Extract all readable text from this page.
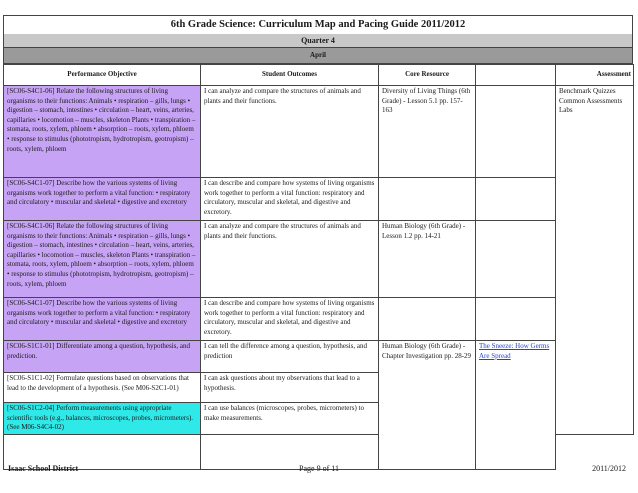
6th Grade Science: Curriculum Map and Pacing Guide 2011/2012
Quarter 4
April
Performance Objective	Student Outcomes	Core Resource		Assessment
[SC06-S4C1-06] Relate the following structures of living organisms to their functions: Animals • respiration – gills, lungs • digestion – stomach, intestines • circulation – heart, veins, arteries, capillaries • locomotion – muscles, skeleton Plants • transpiration – stomata, roots, xylem, phloem • absorption – roots, xylem, phloem • response to stimulus (phototropism, hydrotropism, geotropism) – roots, xylem, phloem	I can analyze and compare the structures of animals and plants and their functions.	Diversity of Living Things (6th Grade) - Lesson 5.1 pp. 157-163		Benchmark Quizzes Common Assessments Labs
[SC06-S4C1-07] Describe how the various systems of living organisms work together to perform a vital function: • respiratory and circulatory • muscular and skeletal • digestive and excretory	I can describe and compare how systems of living organisms work together to perform a vital function: respiratory and circulatory, muscular and skeletal, and digestive and excretory.			
[SC06-S4C1-06] Relate the following structures of living organisms to their functions: Animals • respiration – gills, lungs • digestion – stomach, intestines • circulation – heart, veins, arteries, capillaries • locomotion – muscles, skeleton Plants • transpiration – stomata, roots, xylem, phloem • absorption – roots, xylem, phloem • response to stimulus (phototropism, hydrotropism, geotropism) – roots, xylem, phloem	I can analyze and compare the structures of animals and plants and their functions.	Human Biology (6th Grade) - Lesson 1.2 pp. 14-21		
[SC06-S4C1-07] Describe how the various systems of living organisms work together to perform a vital function: • respiratory and circulatory • muscular and skeletal • digestive and excretory	I can describe and compare how systems of living organisms work together to perform a vital function: respiratory and circulatory, muscular and skeletal, and digestive and excretory.			
[SC06-S1C1-01] Differentiate among a question, hypothesis, and prediction.	I can tell the difference among a question, hypothesis, and prediction	Human Biology (6th Grade) - Chapter Investigation pp. 28-29	The Sneeze: How Germs Are Spread	
[SC06-S1C1-02] Formulate questions based on observations that lead to the development of a hypothesis. (See M06-S2C1-01)	I can ask questions about my observations that lead to a hypothesis.			
[SC06-S1C2-04] Perform measurements using appropriate scientific tools (e.g., balances, microscopes, probes, micrometers). (See M06-S4C4-02)	I can use balances (microscopes, probes, micrometers) to make measurements.			

Page 9 of 11
Isaac School District	2011/2012
